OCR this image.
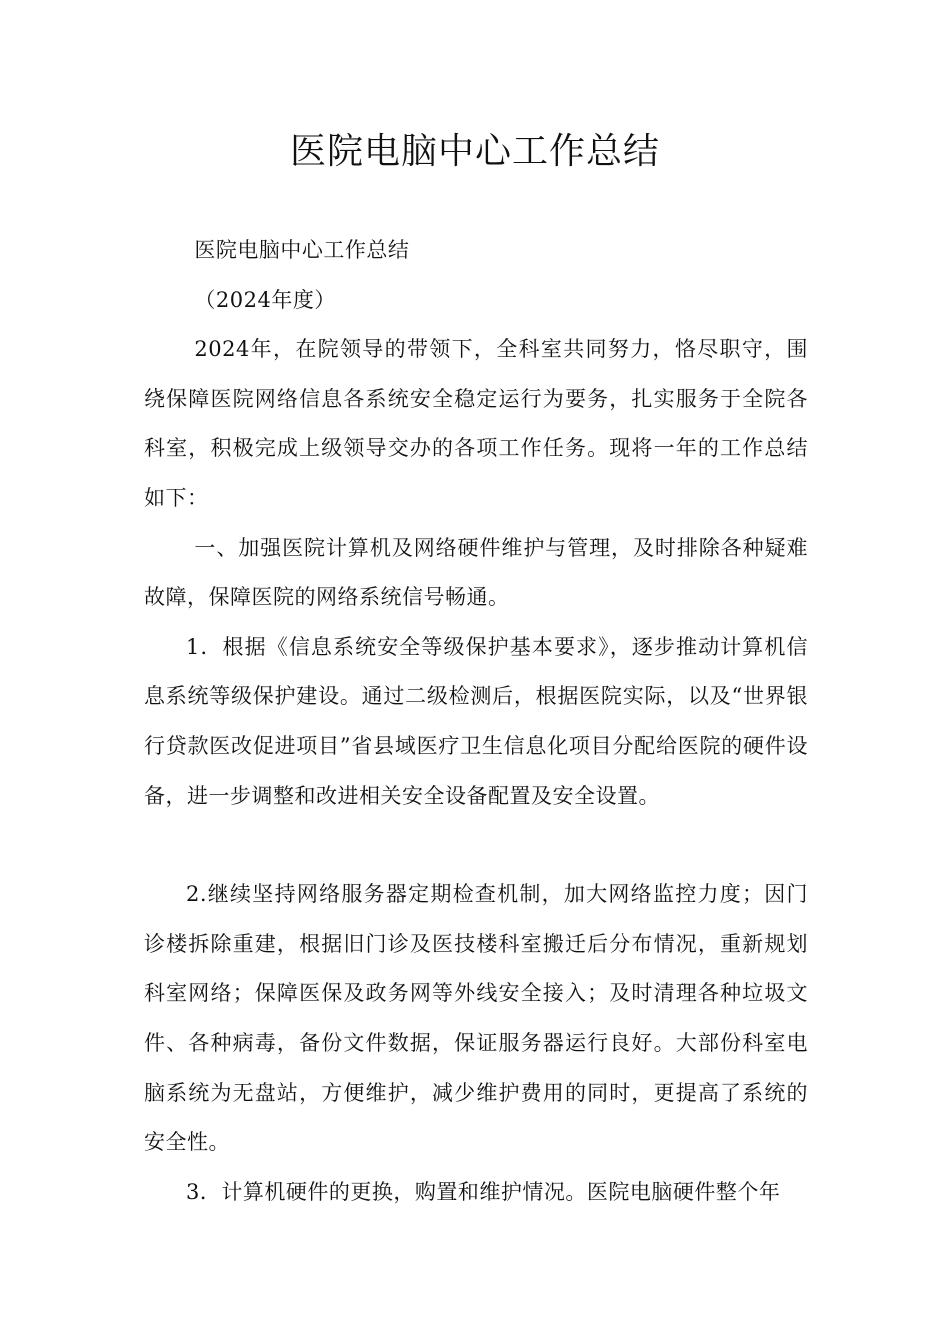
医院电脑中心工作总结

医院电脑中心工作总结

（2024年度）

2024年，在院领导的带领下，全科室共同努力，恪尽职守，围绕保障医院网络信息各系统安全稳定运行为要务，扎实服务于全院各科室，积极完成上级领导交办的各项工作任务。现将一年的工作总结如下：

一、加强医院计算机及网络硬件维护与管理，及时排除各种疑难故障，保障医院的网络系统信号畅通。

1．根据《信息系统安全等级保护基本要求》，逐步推动计算机信息系统等级保护建设。通过二级检测后，根据医院实际，以及“世界银行贷款医改促进项目”省县域医疗卫生信息化项目分配给医院的硬件设备，进一步调整和改进相关安全设备配置及安全设置。

2.继续坚持网络服务器定期检查机制，加大网络监控力度；因门诊楼拆除重建，根据旧门诊及医技楼科室搬迁后分布情况，重新规划科室网络；保障医保及政务网等外线安全接入；及时清理各种垃圾文件、各种病毒，备份文件数据，保证服务器运行良好。大部份科室电脑系统为无盘站，方便维护，减少维护费用的同时，更提高了系统的安全性。

3．计算机硬件的更换，购置和维护情况。医院电脑硬件整个年
